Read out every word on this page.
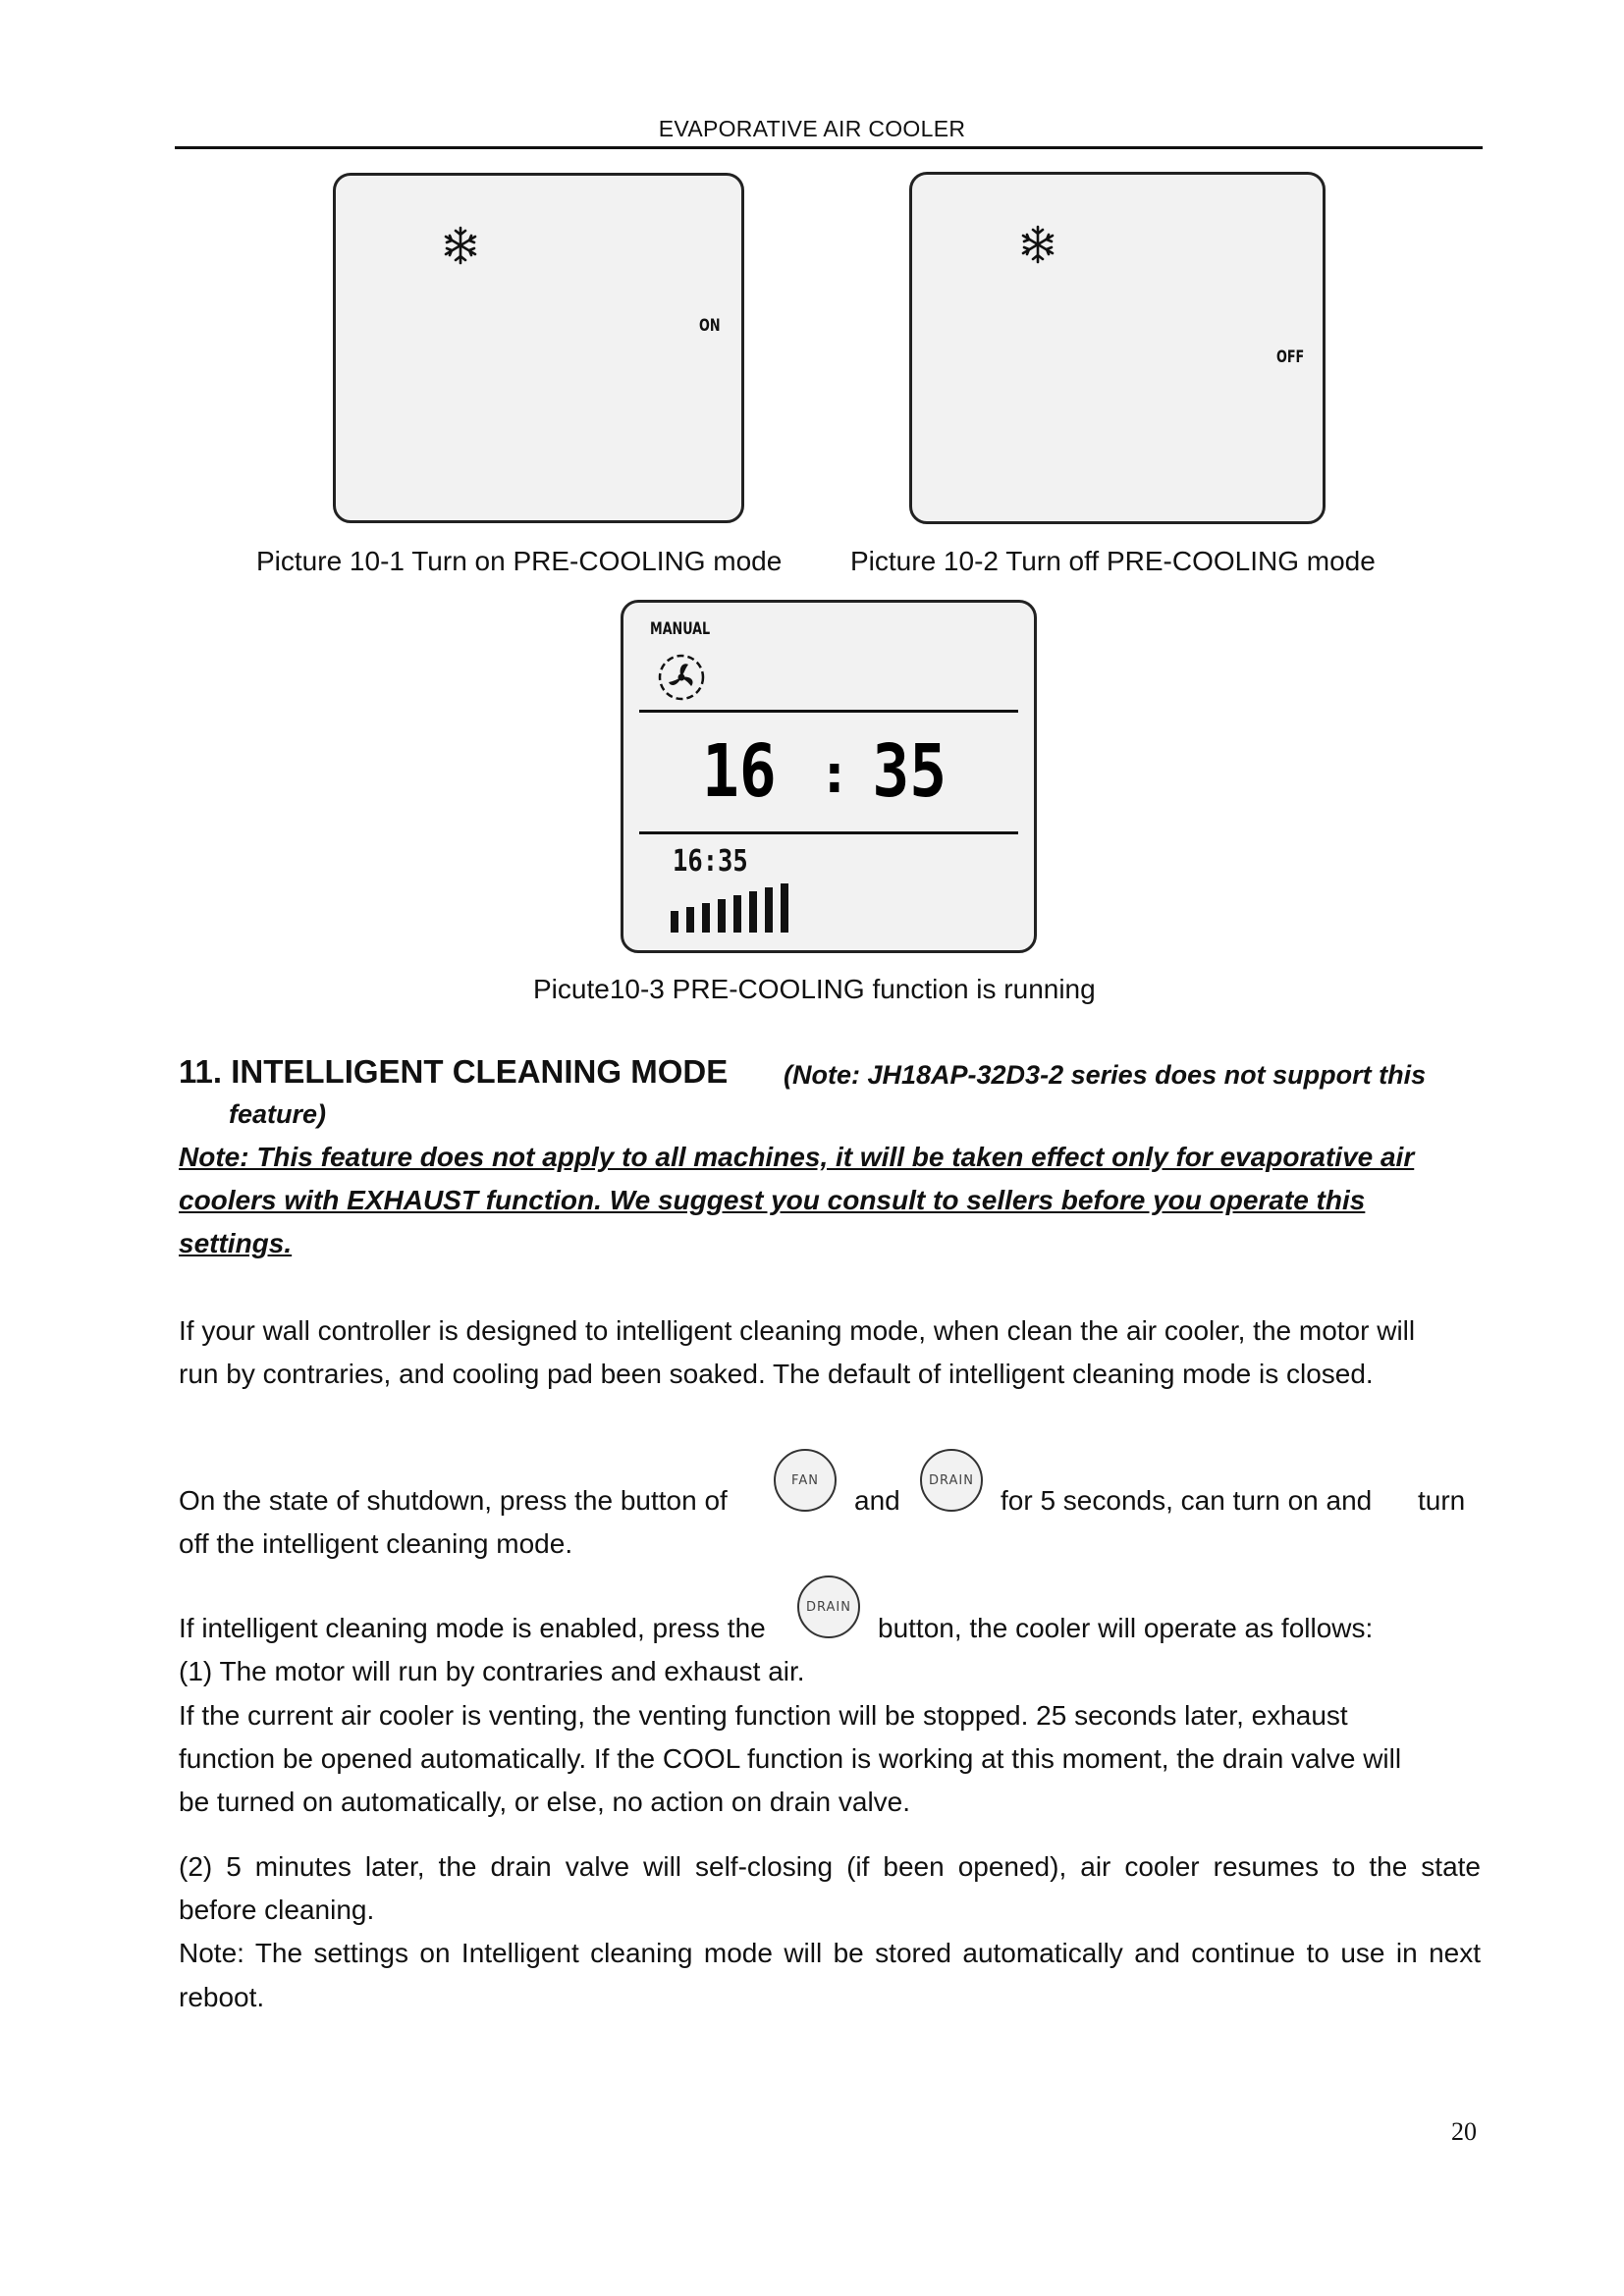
EVAPORATIVE AIR COOLER
ON
Picture 10-1 Turn on PRE-COOLING mode
OFF
Picture 10-2 Turn off PRE-COOLING mode
MANUAL
16 : 35
16:35
Picute10-3 PRE-COOLING function is running
11. INTELLIGENT CLEANING MODE (Note: JH18AP-32D3-2 series does not support this
feature)
Note: This feature does not apply to all machines, it will be taken effect only for evaporative air
coolers with EXHAUST function. We suggest you consult to sellers before you operate this
settings.
If your wall controller is designed to intelligent cleaning mode, when clean the air cooler, the motor will
run by contraries, and cooling pad been soaked. The default of intelligent cleaning mode is closed.
On the state of shutdown, press the button of
FAN
and
DRAIN
for 5 seconds, can turn on and turn
off the intelligent cleaning mode.
If intelligent cleaning mode is enabled, press the
DRAIN
button, the cooler will operate as follows:
(1) The motor will run by contraries and exhaust air.
If the current air cooler is venting, the venting function will be stopped. 25 seconds later, exhaust
function be opened automatically. If the COOL function is working at this moment, the drain valve will
be turned on automatically, or else, no action on drain valve.
(2) 5 minutes later, the drain valve will self-closing (if been opened), air cooler resumes to the state
before cleaning.
Note: The settings on Intelligent cleaning mode will be stored automatically and continue to use in next
reboot.
20
